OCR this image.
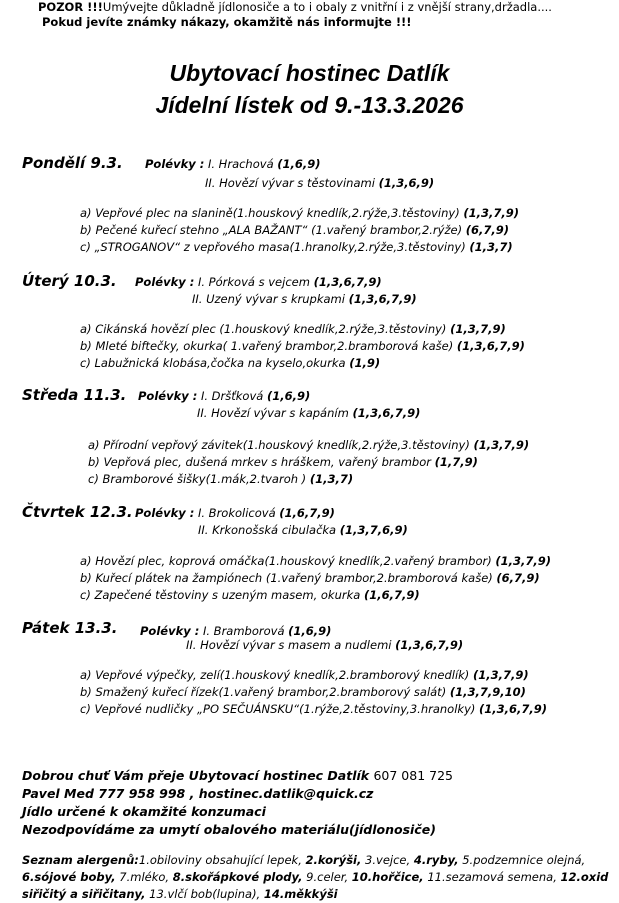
POZOR !!!Umývejte důkladně jídlonosiče a to i obaly z vnitřní i z vnější strany,držadla....
Pokud jevíte známky nákazy, okamžitě nás informujte !!!
Ubytovací hostinec Datlík
Jídelní lístek od 9.-13.3.2026
Pondělí 9.3. Polévky : I. Hrachová (1,6,9)
II. Hovězí vývar s těstovinami (1,3,6,9)
a) Vepřové plec na slanině(1.houskový knedlík,2.rýže,3.těstoviny) (1,3,7,9)
b) Pečené kuřecí stehno „ALA BAŽANT“ (1.vařený brambor,2.rýže) (6,7,9)
c) „STROGANOV“ z vepřového masa(1.hranolky,2.rýže,3.těstoviny) (1,3,7)
Úterý 10.3. Polévky : I. Pórková s vejcem (1,3,6,7,9)
II. Uzený vývar s krupkami (1,3,6,7,9)
a) Cikánská hovězí plec (1.houskový knedlík,2.rýže,3.těstoviny) (1,3,7,9)
b) Mleté biftečky, okurka( 1.vařený brambor,2.bramborová kaše) (1,3,6,7,9)
c) Labužnická klobása,čočka na kyselo,okurka (1,9)
Středa 11.3. Polévky : I. Dršťková (1,6,9)
II. Hovězí vývar s kapáním (1,3,6,7,9)
a) Přírodní vepřový závitek(1.houskový knedlík,2.rýže,3.těstoviny) (1,3,7,9)
b) Vepřová plec, dušená mrkev s hráškem, vařený brambor (1,7,9)
c) Bramborové šišky(1.mák,2.tvaroh ) (1,3,7)
Čtvrtek 12.3. Polévky : I. Brokolicová (1,6,7,9)
II. Krkonošská cibulačka (1,3,7,6,9)
a) Hovězí plec, koprová omáčka(1.houskový knedlík,2.vařený brambor) (1,3,7,9)
b) Kuřecí plátek na žampiónech (1.vařený brambor,2.bramborová kaše) (6,7,9)
c) Zapečené těstoviny s uzeným masem, okurka (1,6,7,9)
Pátek 13.3. Polévky : I. Bramborová (1,6,9)
II. Hovězí vývar s masem a nudlemi (1,3,6,7,9)
a) Vepřové výpečky, zelí(1.houskový knedlík,2.bramborový knedlík) (1,3,7,9)
b) Smažený kuřecí řízek(1.vařený brambor,2.bramborový salát) (1,3,7,9,10)
c) Vepřové nudličky „PO SEČUÁNSKU“(1.rýže,2.těstoviny,3.hranolky) (1,3,6,7,9)
Dobrou chuť Vám přeje Ubytovací hostinec Datlík 607 081 725
Pavel Med 777 958 998 , hostinec.datlik@quick.cz
Jídlo určené k okamžité konzumaci
Nezodpovídáme za umytí obalového materiálu(jídlonosiče)
Seznam alergenů:1.obiloviny obsahující lepek, 2.korýši, 3.vejce, 4.ryby, 5.podzemnice olejná, 6.sójové boby, 7.mléko, 8.skořápkové plody, 9.celer, 10.hořčice, 11.sezamová semena, 12.oxid siřičitý a siřičitany, 13.vlčí bob(lupina), 14.měkkýši
